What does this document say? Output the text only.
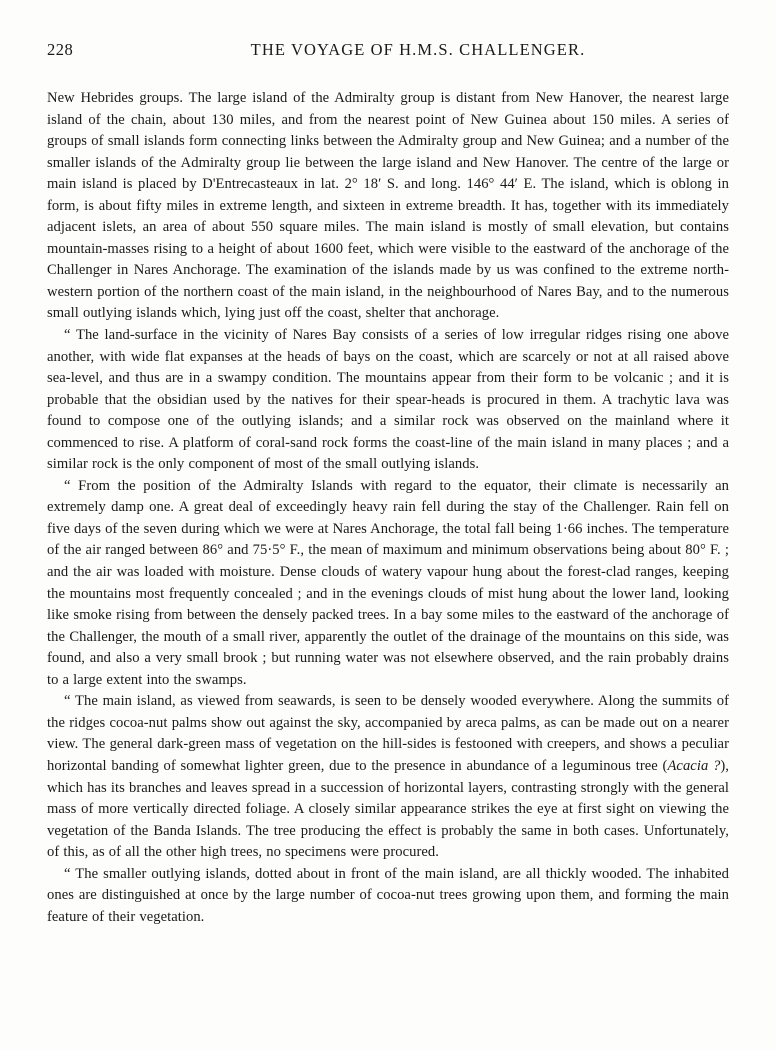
228	THE VOYAGE OF H.M.S. CHALLENGER.

New Hebrides groups. The large island of the Admiralty group is distant from New Hanover, the nearest large island of the chain, about 130 miles, and from the nearest point of New Guinea about 150 miles. A series of groups of small islands form connecting links between the Admiralty group and New Guinea; and a number of the smaller islands of the Admiralty group lie between the large island and New Hanover. The centre of the large or main island is placed by D'Entrecasteaux in lat. 2° 18′ S. and long. 146° 44′ E. The island, which is oblong in form, is about fifty miles in extreme length, and sixteen in extreme breadth. It has, together with its immediately adjacent islets, an area of about 550 square miles. The main island is mostly of small elevation, but contains mountain-masses rising to a height of about 1600 feet, which were visible to the eastward of the anchorage of the Challenger in Nares Anchorage. The examination of the islands made by us was confined to the extreme north-western portion of the northern coast of the main island, in the neighbourhood of Nares Bay, and to the numerous small outlying islands which, lying just off the coast, shelter that anchorage.

“ The land-surface in the vicinity of Nares Bay consists of a series of low irregular ridges rising one above another, with wide flat expanses at the heads of bays on the coast, which are scarcely or not at all raised above sea-level, and thus are in a swampy condition. The mountains appear from their form to be volcanic ; and it is probable that the obsidian used by the natives for their spear-heads is procured in them. A trachytic lava was found to compose one of the outlying islands; and a similar rock was observed on the mainland where it commenced to rise. A platform of coral-sand rock forms the coast-line of the main island in many places ; and a similar rock is the only component of most of the small outlying islands.

“ From the position of the Admiralty Islands with regard to the equator, their climate is necessarily an extremely damp one. A great deal of exceedingly heavy rain fell during the stay of the Challenger. Rain fell on five days of the seven during which we were at Nares Anchorage, the total fall being 1·66 inches. The temperature of the air ranged between 86° and 75·5° F., the mean of maximum and minimum observations being about 80° F. ; and the air was loaded with moisture. Dense clouds of watery vapour hung about the forest-clad ranges, keeping the mountains most frequently concealed ; and in the evenings clouds of mist hung about the lower land, looking like smoke rising from between the densely packed trees. In a bay some miles to the eastward of the anchorage of the Challenger, the mouth of a small river, apparently the outlet of the drainage of the mountains on this side, was found, and also a very small brook ; but running water was not elsewhere observed, and the rain probably drains to a large extent into the swamps.

“ The main island, as viewed from seawards, is seen to be densely wooded everywhere. Along the summits of the ridges cocoa-nut palms show out against the sky, accompanied by areca palms, as can be made out on a nearer view. The general dark-green mass of vegetation on the hill-sides is festooned with creepers, and shows a peculiar horizontal banding of somewhat lighter green, due to the presence in abundance of a leguminous tree (Acacia ?), which has its branches and leaves spread in a succession of horizontal layers, contrasting strongly with the general mass of more vertically directed foliage. A closely similar appearance strikes the eye at first sight on viewing the vegetation of the Banda Islands. The tree producing the effect is probably the same in both cases. Unfortunately, of this, as of all the other high trees, no specimens were procured.

“ The smaller outlying islands, dotted about in front of the main island, are all thickly wooded. The inhabited ones are distinguished at once by the large number of cocoa-nut trees growing upon them, and forming the main feature of their vegetation.
